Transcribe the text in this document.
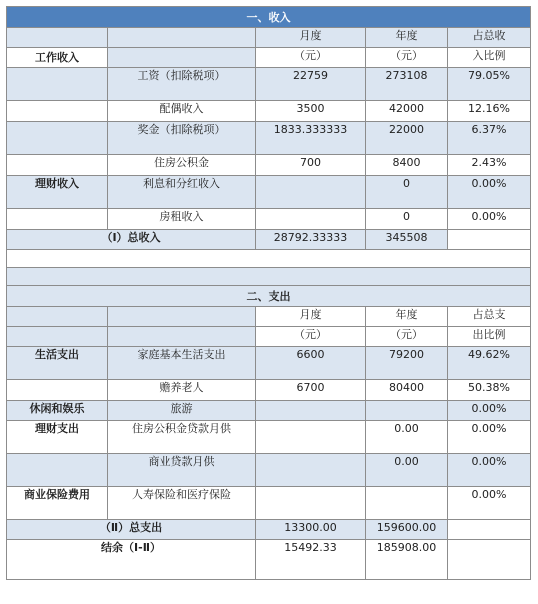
一、收入				
		月度	年度	占总收
工作收入		（元）	（元）	入比例
	工资（扣除税项）	22759	273108	79.05%
	配偶收入	3500	42000	12.16%
	奖金（扣除税项）	1833.333333	22000	6.37%
	住房公积金	700	8400	2.43%
理财收入	利息和分红收入		0	0.00%
	房租收入		0	0.00%
（Ⅰ）总收入		28792.33333	345508	

二、支出				
		月度	年度	占总支
		（元）	（元）	出比例
生活支出	家庭基本生活支出	6600	79200	49.62%
	赡养老人	6700	80400	50.38%
休闲和娱乐	旅游			0.00%
理财支出	住房公积金贷款月供		0.00	0.00%
	商业贷款月供		0.00	0.00%
商业保险费用	人寿保险和医疗保险			0.00%
（Ⅱ）总支出		13300.00	159600.00	
结余（Ⅰ-Ⅱ）		15492.33	185908.00	
